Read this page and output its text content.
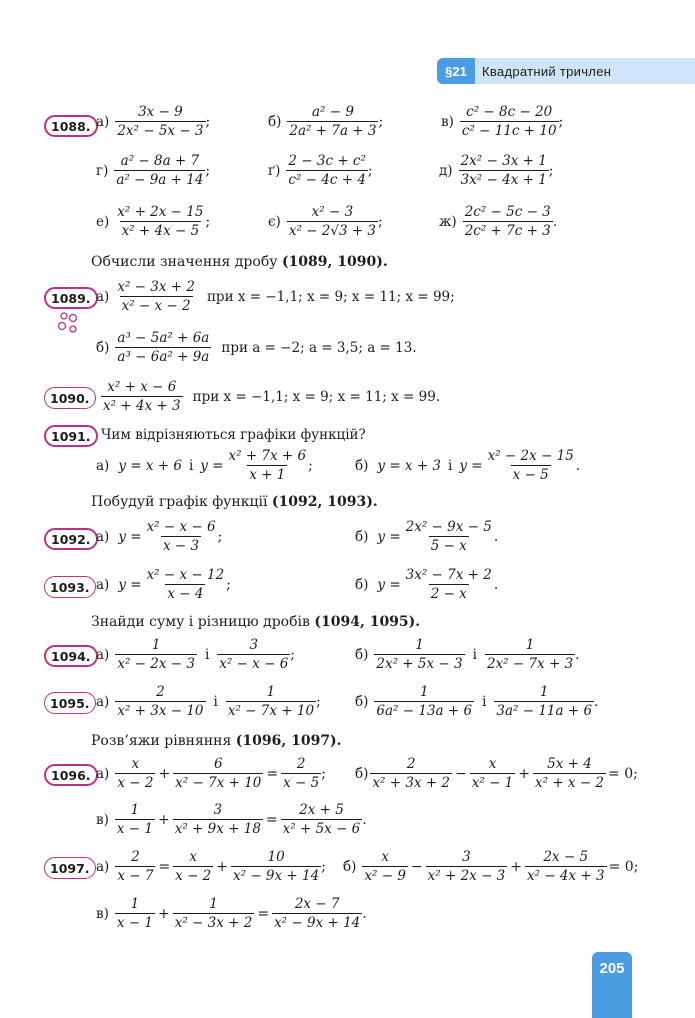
§21	Квадратний тричлен
1088. а)
3x − 9
2x² − 5x − 3
;	б)
a² − 9
2a² + 7a + 3
;	в)
c² − 8c − 20
c² − 11c + 10
;
г)
a² − 8a + 7
a² − 9a + 14
;	ґ)
2 − 3c + c²
c² − 4c + 4
;	д)
2x² − 3x + 1
3x² − 4x + 1
;
е)
x² + 2x − 15
x² + 4x − 5
;	є)
x² − 3
x² − 2√3 + 3
;	ж)
2c² − 5c − 3
2c² + 7c + 3
.
Обчисли значення дробу (1089, 1090).
1089. а)
x² − 3x + 2
x² − x − 2
при x = −1,1; x = 9; x = 11; x = 99;
б)
a³ − 5a² + 6a
a³ − 6a² + 9a
при a = −2; a = 3,5; a = 13.
1090.
x² + x − 6
x² + 4x + 3
при x = −1,1; x = 9; x = 11; x = 99.
1091. Чим відрізняються графіки функцій?
а) y = x + 6 і $y = \frac{\text{x² + 7x + 6}}{x + 1}$ ;	б) y = x + 3 і $y = \frac{\text{x² − 2x − 15}}{x - 5}$ .
Побудуй графік функції (1092, 1093).
1092. а) $y = \frac{\text{x² − x − 6}}{x - 3}$ ;	б) $y = \frac{\text{2x² − 9x − 5}}{5 - x}$ .
1093. а) $y = \frac{\text{x² − x − 12}}{x - 4}$ ;	б) $y = \frac{\text{3x² − 7x + 2}}{2 - x}$ .
Знайди суму і різницю дробів (1094, 1095).
1094. а)
1
x² − 2x − 3
і
3
x² − x − 6
;	б)
1
2x² + 5x − 3
і
1
2x² − 7x + 3
.
1095. а)
2
x² + 3x − 10
і
1
x² − 7x + 10
;	б)
1
6a² − 13a + 6
і
1
3a² − 11a + 6
.
Розв’яжи рівняння (1096, 1097).
1096. а)
x
x − 2
+ $\frac{6}{\text{x² − 7x + 10}} = \frac{2}{x - 5}$ ; б)
2
x² + 3x + 2
− $\frac{x}{\text{x² − 1}} + \frac{5x + 4}{\text{x² + x − 2}} = 0$;
в)
1
x − 1
+ $\frac{3}{\text{x² + 9x + 18}} = \frac{2x + 5}{\text{x² + 5x − 6}}$ .
1097. $а) \frac{2}{x - 7} = \frac{x}{x - 2} + \frac{10}{\text{x² − 9x + 14}}$ ; б)
x
x² − 9
− $\frac{3}{\text{x² + 2x − 3}} + \frac{2x - 5}{\text{x² − 4x + 3}} = 0$;
в)
1
x − 1
+ $\frac{1}{\text{x² − 3x + 2}} = \frac{2x - 7}{\text{x² − 9x + 14}}$ .
205
